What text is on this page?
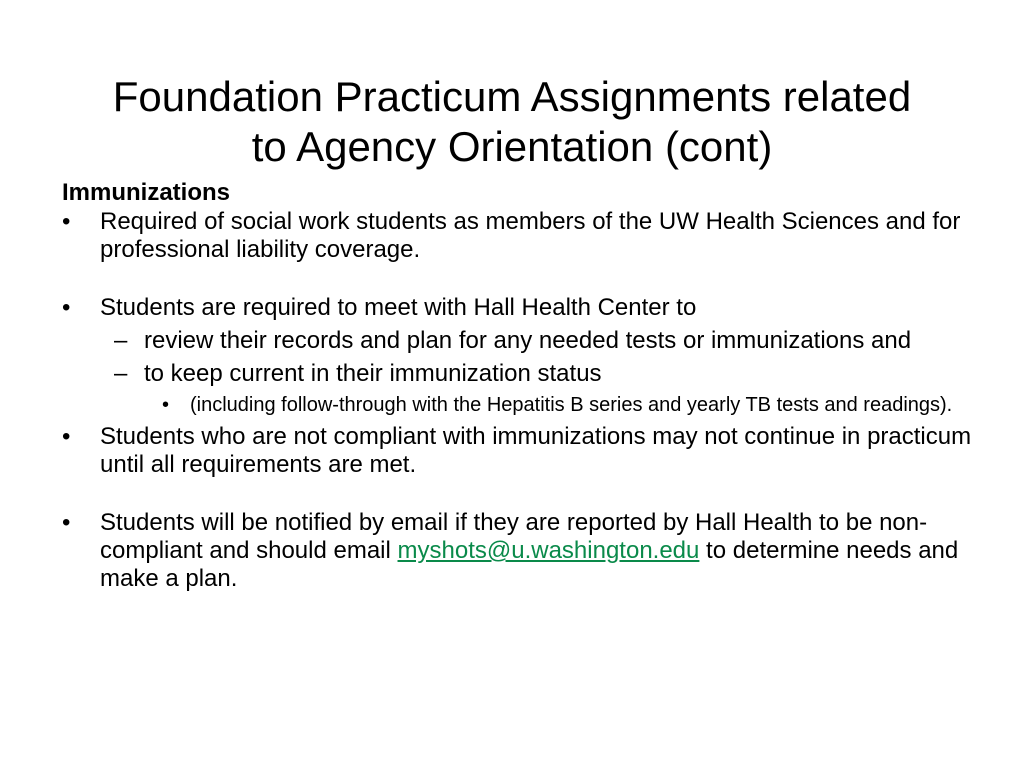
Foundation Practicum Assignments related
to Agency Orientation (cont)

Immunizations

• Required of social work students as members of the UW Health Sciences and for professional liability coverage.
• Students are required to meet with Hall Health Center to
– review their records and plan for any needed tests or immunizations and
– to keep current in their immunization status
• (including follow-through with the Hepatitis B series and yearly TB tests and readings).
• Students who are not compliant with immunizations may not continue in practicum until all requirements are met.
• Students will be notified by email if they are reported by Hall Health to be non-compliant and should email myshots@u.washington.edu to determine needs and make a plan.
